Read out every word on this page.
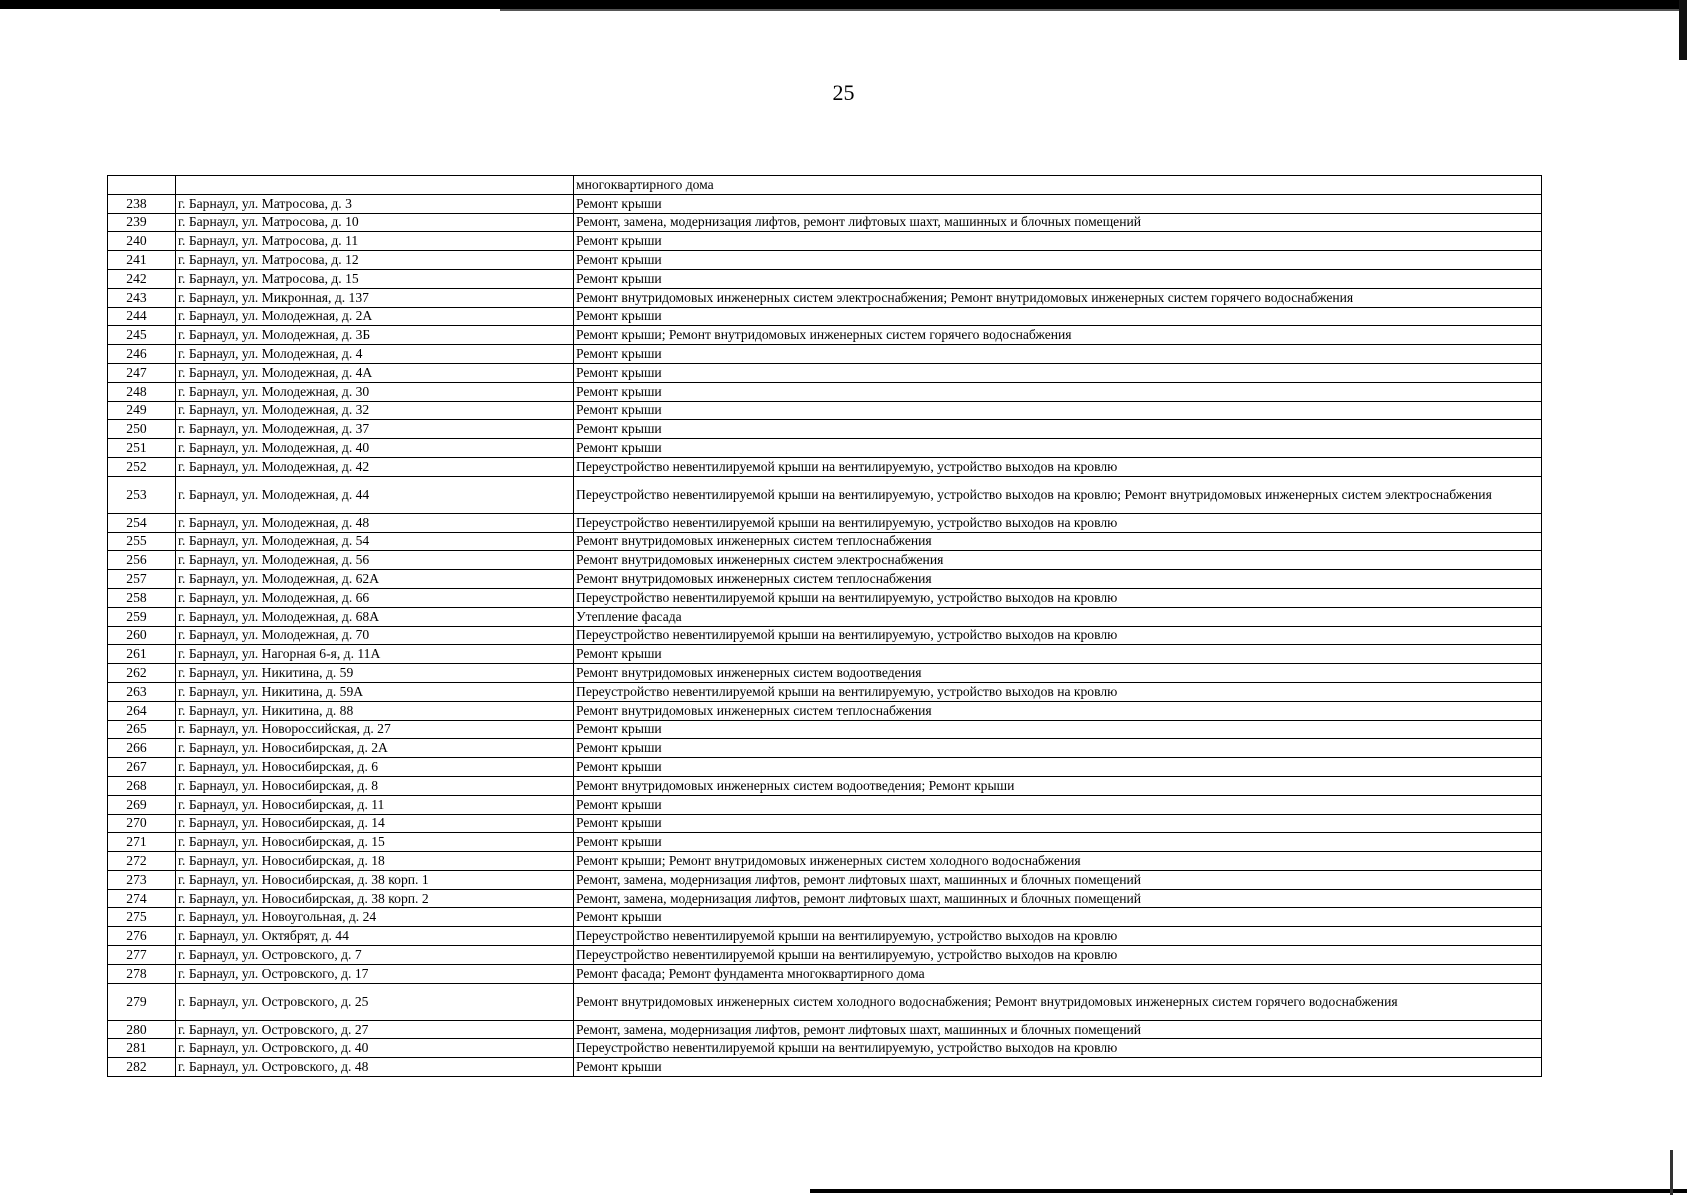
25
		многоквартирного дома
238	г. Барнаул, ул. Матросова, д. 3	Ремонт крыши
239	г. Барнаул, ул. Матросова, д. 10	Ремонт, замена, модернизация лифтов, ремонт лифтовых шахт, машинных и блочных помещений
240	г. Барнаул, ул. Матросова, д. 11	Ремонт крыши
241	г. Барнаул, ул. Матросова, д. 12	Ремонт крыши
242	г. Барнаул, ул. Матросова, д. 15	Ремонт крыши
243	г. Барнаул, ул. Микронная, д. 137	Ремонт внутридомовых инженерных систем электроснабжения; Ремонт внутридомовых инженерных систем горячего водоснабжения
244	г. Барнаул, ул. Молодежная, д. 2А	Ремонт крыши
245	г. Барнаул, ул. Молодежная, д. 3Б	Ремонт крыши; Ремонт внутридомовых инженерных систем горячего водоснабжения
246	г. Барнаул, ул. Молодежная, д. 4	Ремонт крыши
247	г. Барнаул, ул. Молодежная, д. 4А	Ремонт крыши
248	г. Барнаул, ул. Молодежная, д. 30	Ремонт крыши
249	г. Барнаул, ул. Молодежная, д. 32	Ремонт крыши
250	г. Барнаул, ул. Молодежная, д. 37	Ремонт крыши
251	г. Барнаул, ул. Молодежная, д. 40	Ремонт крыши
252	г. Барнаул, ул. Молодежная, д. 42	Переустройство невентилируемой крыши на вентилируемую, устройство выходов на кровлю
253	г. Барнаул, ул. Молодежная, д. 44	Переустройство невентилируемой крыши на вентилируемую, устройство выходов на кровлю; Ремонт внутридомовых инженерных систем электроснабжения
254	г. Барнаул, ул. Молодежная, д. 48	Переустройство невентилируемой крыши на вентилируемую, устройство выходов на кровлю
255	г. Барнаул, ул. Молодежная, д. 54	Ремонт внутридомовых инженерных систем теплоснабжения
256	г. Барнаул, ул. Молодежная, д. 56	Ремонт внутридомовых инженерных систем электроснабжения
257	г. Барнаул, ул. Молодежная, д. 62А	Ремонт внутридомовых инженерных систем теплоснабжения
258	г. Барнаул, ул. Молодежная, д. 66	Переустройство невентилируемой крыши на вентилируемую, устройство выходов на кровлю
259	г. Барнаул, ул. Молодежная, д. 68А	Утепление фасада
260	г. Барнаул, ул. Молодежная, д. 70	Переустройство невентилируемой крыши на вентилируемую, устройство выходов на кровлю
261	г. Барнаул, ул. Нагорная 6-я, д. 11А	Ремонт крыши
262	г. Барнаул, ул. Никитина, д. 59	Ремонт внутридомовых инженерных систем водоотведения
263	г. Барнаул, ул. Никитина, д. 59А	Переустройство невентилируемой крыши на вентилируемую, устройство выходов на кровлю
264	г. Барнаул, ул. Никитина, д. 88	Ремонт внутридомовых инженерных систем теплоснабжения
265	г. Барнаул, ул. Новороссийская, д. 27	Ремонт крыши
266	г. Барнаул, ул. Новосибирская, д. 2А	Ремонт крыши
267	г. Барнаул, ул. Новосибирская, д. 6	Ремонт крыши
268	г. Барнаул, ул. Новосибирская, д. 8	Ремонт внутридомовых инженерных систем водоотведения; Ремонт крыши
269	г. Барнаул, ул. Новосибирская, д. 11	Ремонт крыши
270	г. Барнаул, ул. Новосибирская, д. 14	Ремонт крыши
271	г. Барнаул, ул. Новосибирская, д. 15	Ремонт крыши
272	г. Барнаул, ул. Новосибирская, д. 18	Ремонт крыши; Ремонт внутридомовых инженерных систем холодного водоснабжения
273	г. Барнаул, ул. Новосибирская, д. 38 корп. 1	Ремонт, замена, модернизация лифтов, ремонт лифтовых шахт, машинных и блочных помещений
274	г. Барнаул, ул. Новосибирская, д. 38 корп. 2	Ремонт, замена, модернизация лифтов, ремонт лифтовых шахт, машинных и блочных помещений
275	г. Барнаул, ул. Новоугольная, д. 24	Ремонт крыши
276	г. Барнаул, ул. Октябрят, д. 44	Переустройство невентилируемой крыши на вентилируемую, устройство выходов на кровлю
277	г. Барнаул, ул. Островского, д. 7	Переустройство невентилируемой крыши на вентилируемую, устройство выходов на кровлю
278	г. Барнаул, ул. Островского, д. 17	Ремонт фасада; Ремонт фундамента многоквартирного дома
279	г. Барнаул, ул. Островского, д. 25	Ремонт внутридомовых инженерных систем холодного водоснабжения; Ремонт внутридомовых инженерных систем горячего водоснабжения
280	г. Барнаул, ул. Островского, д. 27	Ремонт, замена, модернизация лифтов, ремонт лифтовых шахт, машинных и блочных помещений
281	г. Барнаул, ул. Островского, д. 40	Переустройство невентилируемой крыши на вентилируемую, устройство выходов на кровлю
282	г. Барнаул, ул. Островского, д. 48	Ремонт крыши
